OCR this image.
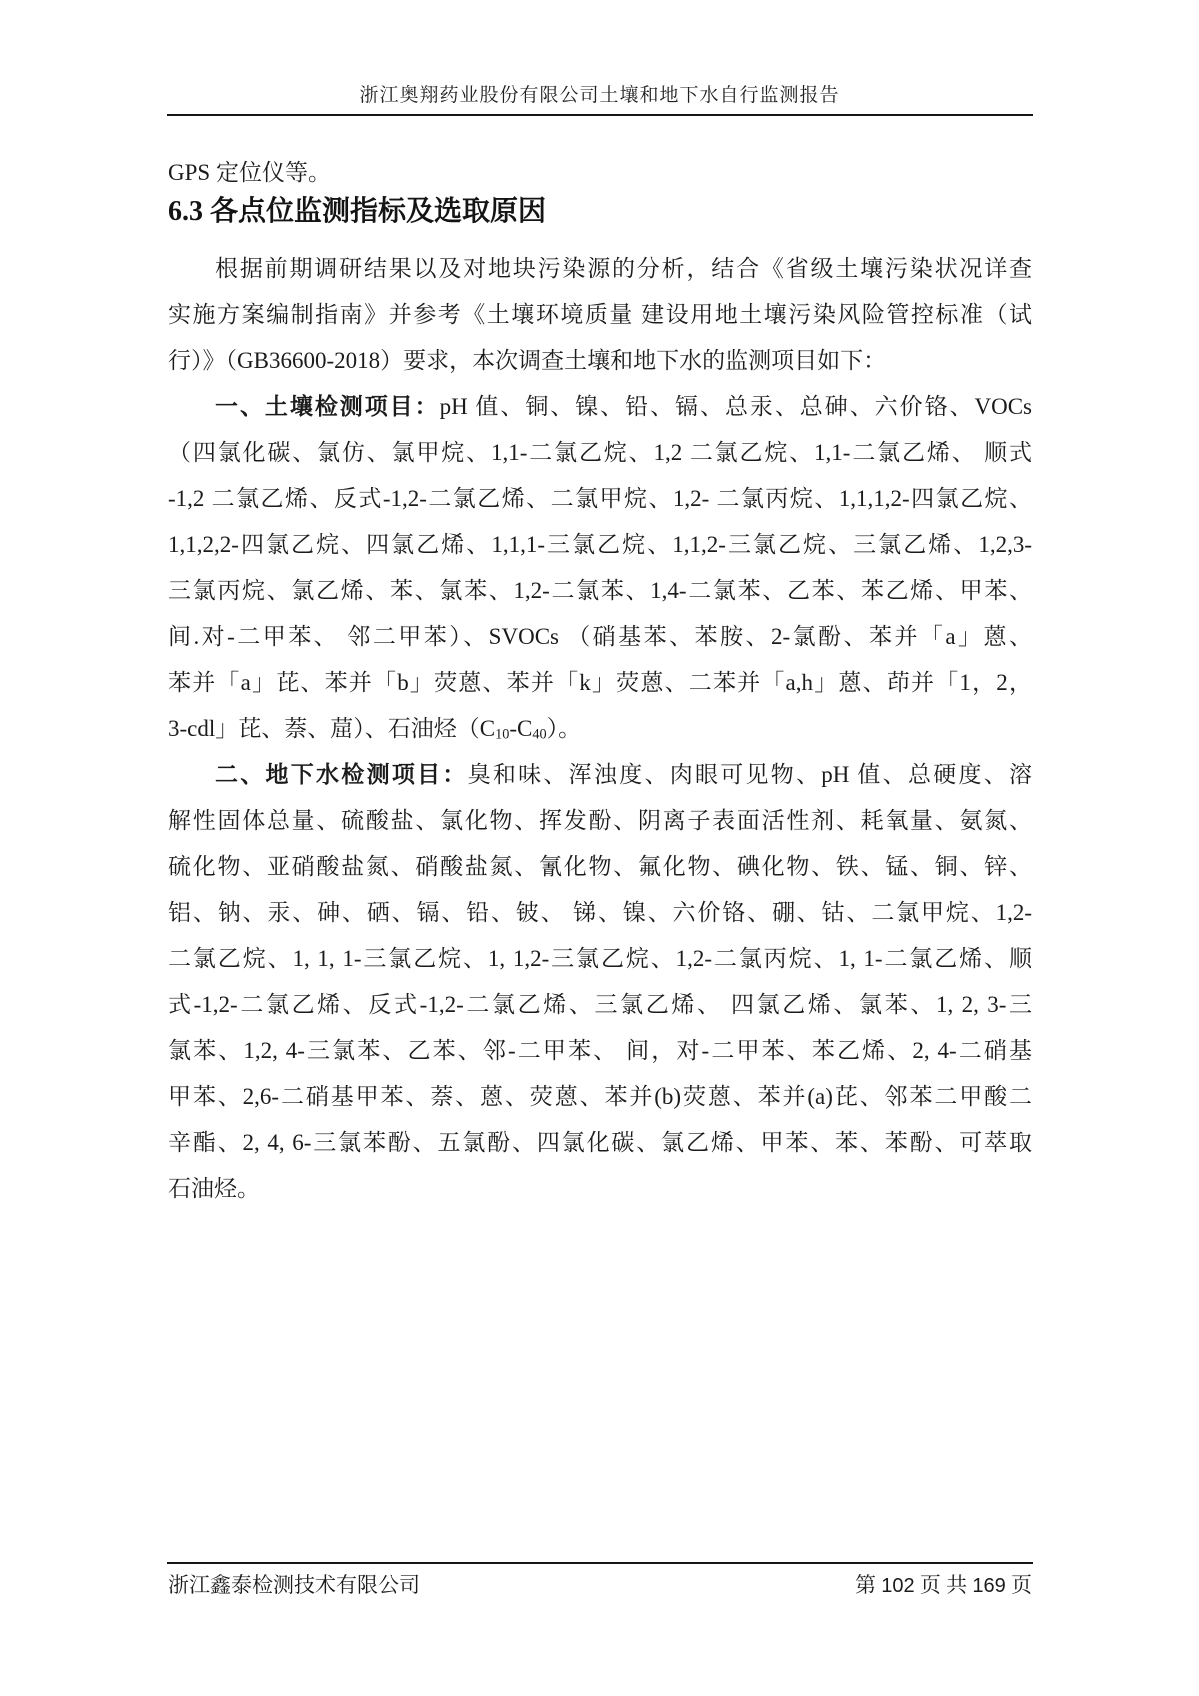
浙江奥翔药业股份有限公司土壤和地下水自行监测报告
GPS 定位仪等。
6.3 各点位监测指标及选取原因
根据前期调研结果以及对地块污染源的分析，结合《省级土壤污染状况详查
实施方案编制指南》并参考《土壤环境质量 建设用地土壤污染风险管控标准（试
行）》（GB36600-2018）要求，本次调查土壤和地下水的监测项目如下：
一、土壤检测项目：pH 值、铜、镍、铅、镉、总汞、总砷、六价铬、VOCs
（四氯化碳、氯仿、氯甲烷、1,1-二氯乙烷、1,2 二氯乙烷、1,1-二氯乙烯、 顺式
-1,2 二氯乙烯、反式-1,2-二氯乙烯、二氯甲烷、1,2- 二氯丙烷、1,1,1,2-四氯乙烷、
1,1,2,2-四氯乙烷、四氯乙烯、1,1,1-三氯乙烷、1,1,2-三氯乙烷、三氯乙烯、1,2,3-
三氯丙烷、氯乙烯、苯、氯苯、1,2-二氯苯、1,4-二氯苯、乙苯、苯乙烯、甲苯、
间.对-二甲苯、 邻二甲苯）、SVOCs （硝基苯、苯胺、2-氯酚、苯并「a」蒽、
苯并「a」芘、苯并「b」荧蒽、苯并「k」荧蒽、二苯并「a,h」蒽、茚并「1，2，
3-cdl」芘、萘、䓛）、石油烃$(C_{10}-C_{40})$。
二、地下水检测项目：臭和味、浑浊度、肉眼可见物、pH 值、总硬度、溶
解性固体总量、硫酸盐、氯化物、挥发酚、阴离子表面活性剂、耗氧量、氨氮、
硫化物、亚硝酸盐氮、硝酸盐氮、氰化物、氟化物、碘化物、铁、锰、铜、锌、
铝、钠、汞、砷、硒、镉、铅、铍、 锑、镍、六价铬、硼、钴、二氯甲烷、1,2-
二氯乙烷、1, 1, 1-三氯乙烷、1, 1,2-三氯乙烷、1,2-二氯丙烷、1, 1-二氯乙烯、顺
式-1,2-二氯乙烯、反式-1,2-二氯乙烯、三氯乙烯、 四氯乙烯、氯苯、1, 2, 3-三
氯苯、1,2, 4-三氯苯、乙苯、邻-二甲苯、 间，对-二甲苯、苯乙烯、2, 4-二硝基
甲苯、2,6-二硝基甲苯、萘、蒽、荧蒽、苯并(b)荧蒽、苯并(a)芘、邻苯二甲酸二
辛酯、2, 4, 6-三氯苯酚、五氯酚、四氯化碳、氯乙烯、甲苯、苯、苯酚、可萃取
石油烃。
浙江鑫泰检测技术有限公司	第 102 页 共 169 页
